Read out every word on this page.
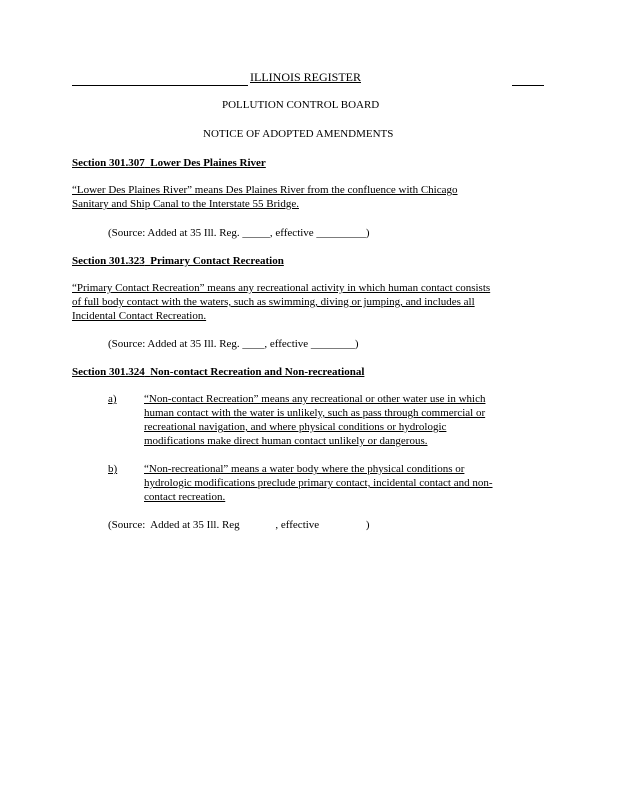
ILLINOIS REGISTER
POLLUTION CONTROL BOARD
NOTICE OF ADOPTED AMENDMENTS
Section 301.307 Lower Des Plaines River
“Lower Des Plaines River” means Des Plaines River from the confluence with Chicago
Sanitary and Ship Canal to the Interstate 55 Bridge.
(Source: Added at 35 Ill. Reg. _____, effective _________)
Section 301.323 Primary Contact Recreation
“Primary Contact Recreation” means any recreational activity in which human contact consists
of full body contact with the waters, such as swimming, diving or jumping, and includes all
Incidental Contact Recreation.
(Source: Added at 35 Ill. Reg. ____, effective ________)
Section 301.324 Non-contact Recreation and Non-recreational
a) “Non-contact Recreation” means any recreational or other water use in which
human contact with the water is unlikely, such as pass through commercial or
recreational navigation, and where physical conditions or hydrologic
modifications make direct human contact unlikely or dangerous.
b) “Non-recreational” means a water body where the physical conditions or
hydrologic modifications preclude primary contact, incidental contact and non-
contact recreation.
(Source:  Added at 35 Ill. Reg             , effective                 )
